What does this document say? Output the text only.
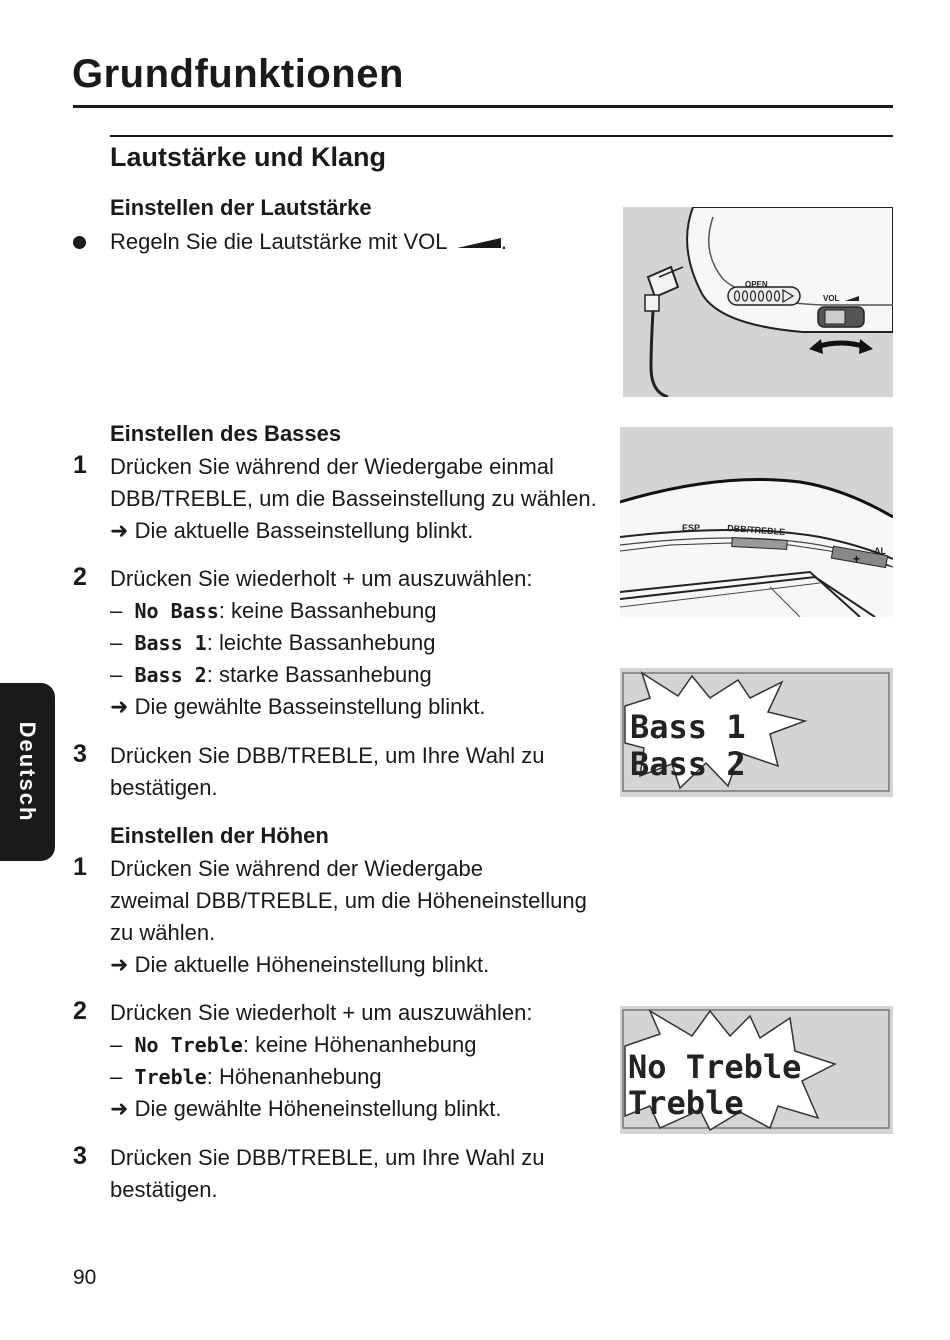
Grundfunktionen
Lautstärke und Klang
Einstellen der Lautstärke
Regeln Sie die Lautstärke mit VOL .
Einstellen des Basses
1 Drücken Sie während der Wiedergabe einmal
DBB/TREBLE, um die Basseinstellung zu wählen.
➜ Die aktuelle Basseinstellung blinkt.
2 Drücken Sie wiederholt + um auszuwählen:
–  No Bass: keine Bassanhebung
–  Bass 1: leichte Bassanhebung
–  Bass 2: starke Bassanhebung
➜ Die gewählte Basseinstellung blinkt.
3 Drücken Sie DBB/TREBLE, um Ihre Wahl zu
bestätigen.
Einstellen der Höhen
1 Drücken Sie während der Wiedergabe
zweimal DBB/TREBLE, um die Höheneinstellung
zu wählen.
➜ Die aktuelle Höheneinstellung blinkt.
2 Drücken Sie wiederholt + um auszuwählen:
–  No Treble: keine Höhenanhebung
–  Treble: Höhenanhebung
➜ Die gewählte Höheneinstellung blinkt.
3 Drücken Sie DBB/TREBLE, um Ihre Wahl zu
bestätigen.
OPEN
VOL
ESP	DBB/TREBLE
+
AL
Bass 1
Bass 2
No Treble
Treble
Deutsch
90
